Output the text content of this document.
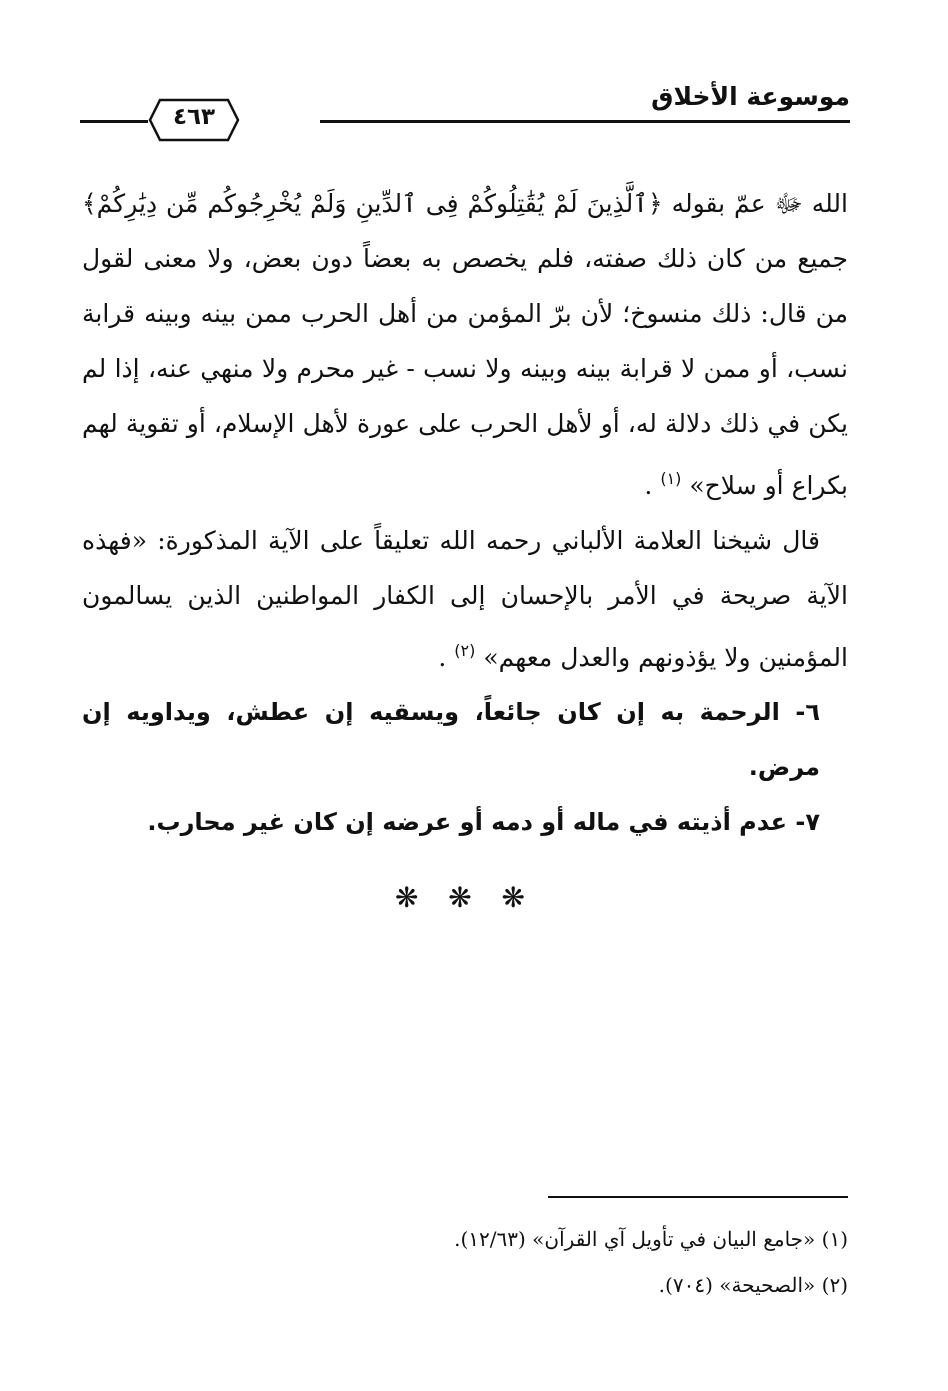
موسوعة الأخلاق
٤٦٣

الله ﷻ عمّ بقوله ﴿ٱلَّذِينَ لَمْ يُقَٰتِلُوكُمْ فِى ٱلدِّينِ وَلَمْ يُخْرِجُوكُم مِّن دِيَٰرِكُمْ﴾ جميع من كان ذلك صفته، فلم يخصص به بعضاً دون بعض، ولا معنى لقول من قال: ذلك منسوخ؛ لأن برّ المؤمن من أهل الحرب ممن بينه وبينه قرابة نسب، أو ممن لا قرابة بينه وبينه ولا نسب - غير محرم ولا منهي عنه، إذا لم يكن في ذلك دلالة له، أو لأهل الحرب على عورة لأهل الإسلام، أو تقوية لهم بكراع أو سلاح» $^{(١)}$ .

قال شيخنا العلامة الألباني رحمه الله تعليقاً على الآية المذكورة: «فهذه الآية صريحة في الأمر بالإحسان إلى الكفار المواطنين الذين يسالمون المؤمنين ولا يؤذونهم والعدل معهم» $^{(٢)}$ .

٦- الرحمة به إن كان جائعاً، ويسقيه إن عطش، ويداويه إن مرض.

٧- عدم أذيته في ماله أو دمه أو عرضه إن كان غير محارب.

❋ ❋ ❋

(١) «جامع البيان في تأويل آي القرآن» (١٢/٦٣).

(٢) «الصحيحة» (٧٠٤).
